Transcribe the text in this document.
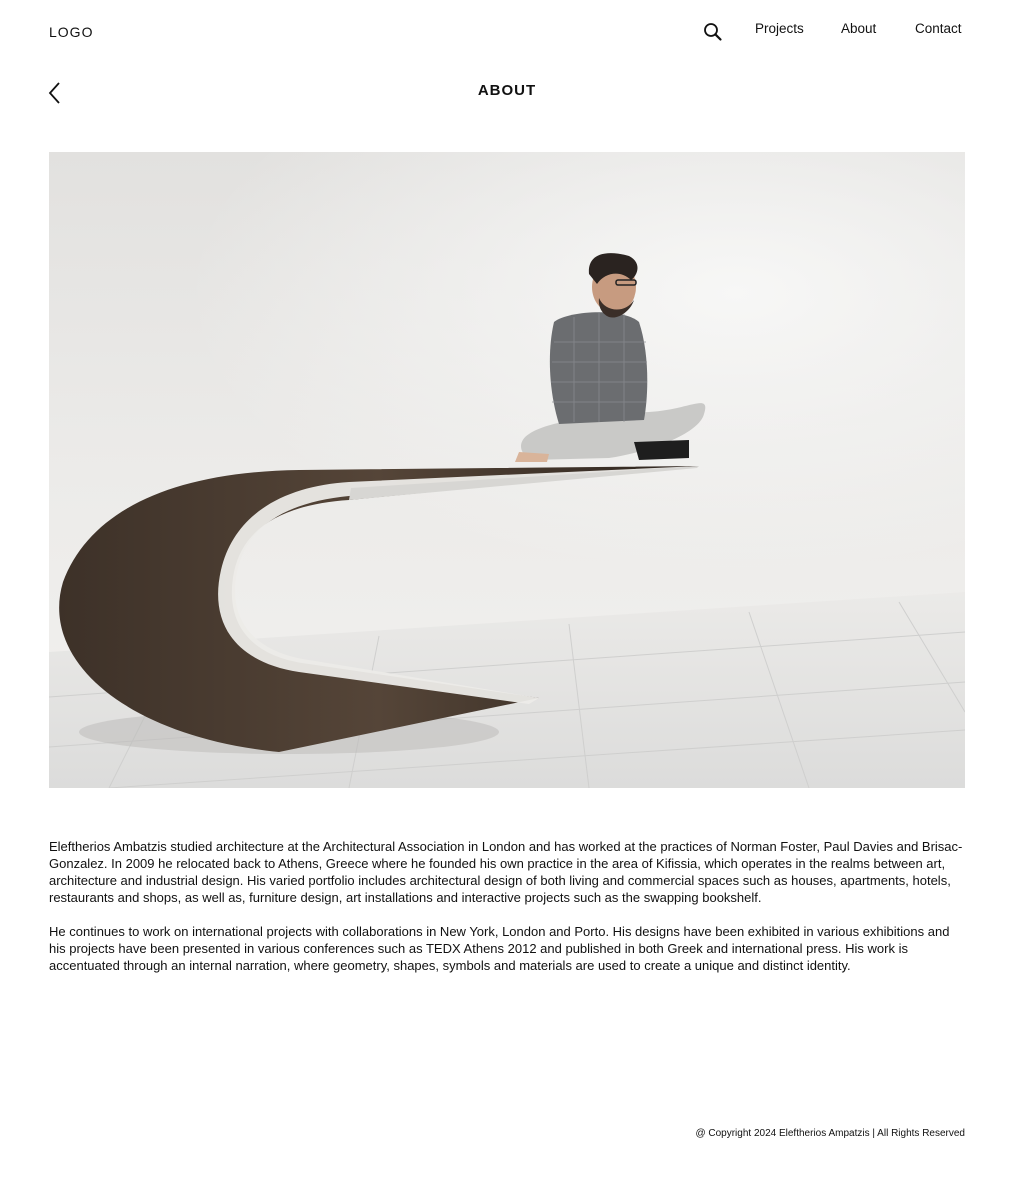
LOGO	Projects	About	Contact
ABOUT

Eleftherios Ambatzis studied architecture at the Architectural Association in London and has worked at the practices of Norman Foster, Paul Davies and Brisac-Gonzalez. In 2009 he relocated back to Athens, Greece where he founded his own practice in the area of Kifissia, which operates in the realms between art, architecture and industrial design. His varied portfolio includes architectural design of both living and commercial spaces such as houses, apartments, hotels, restaurants and shops, as well as, furniture design, art installations and interactive projects such as the swapping bookshelf.

He continues to work on international projects with collaborations in New York, London and Porto. His designs have been exhibited in various exhibitions and his projects have been presented in various conferences such as TEDX Athens 2012 and published in both Greek and international press. His work is accentuated through an internal narration, where geometry, shapes, symbols and materials are used to create a unique and distinct identity.

@ Copyright 2024 Eleftherios Ampatzis | All Rights Reserved
